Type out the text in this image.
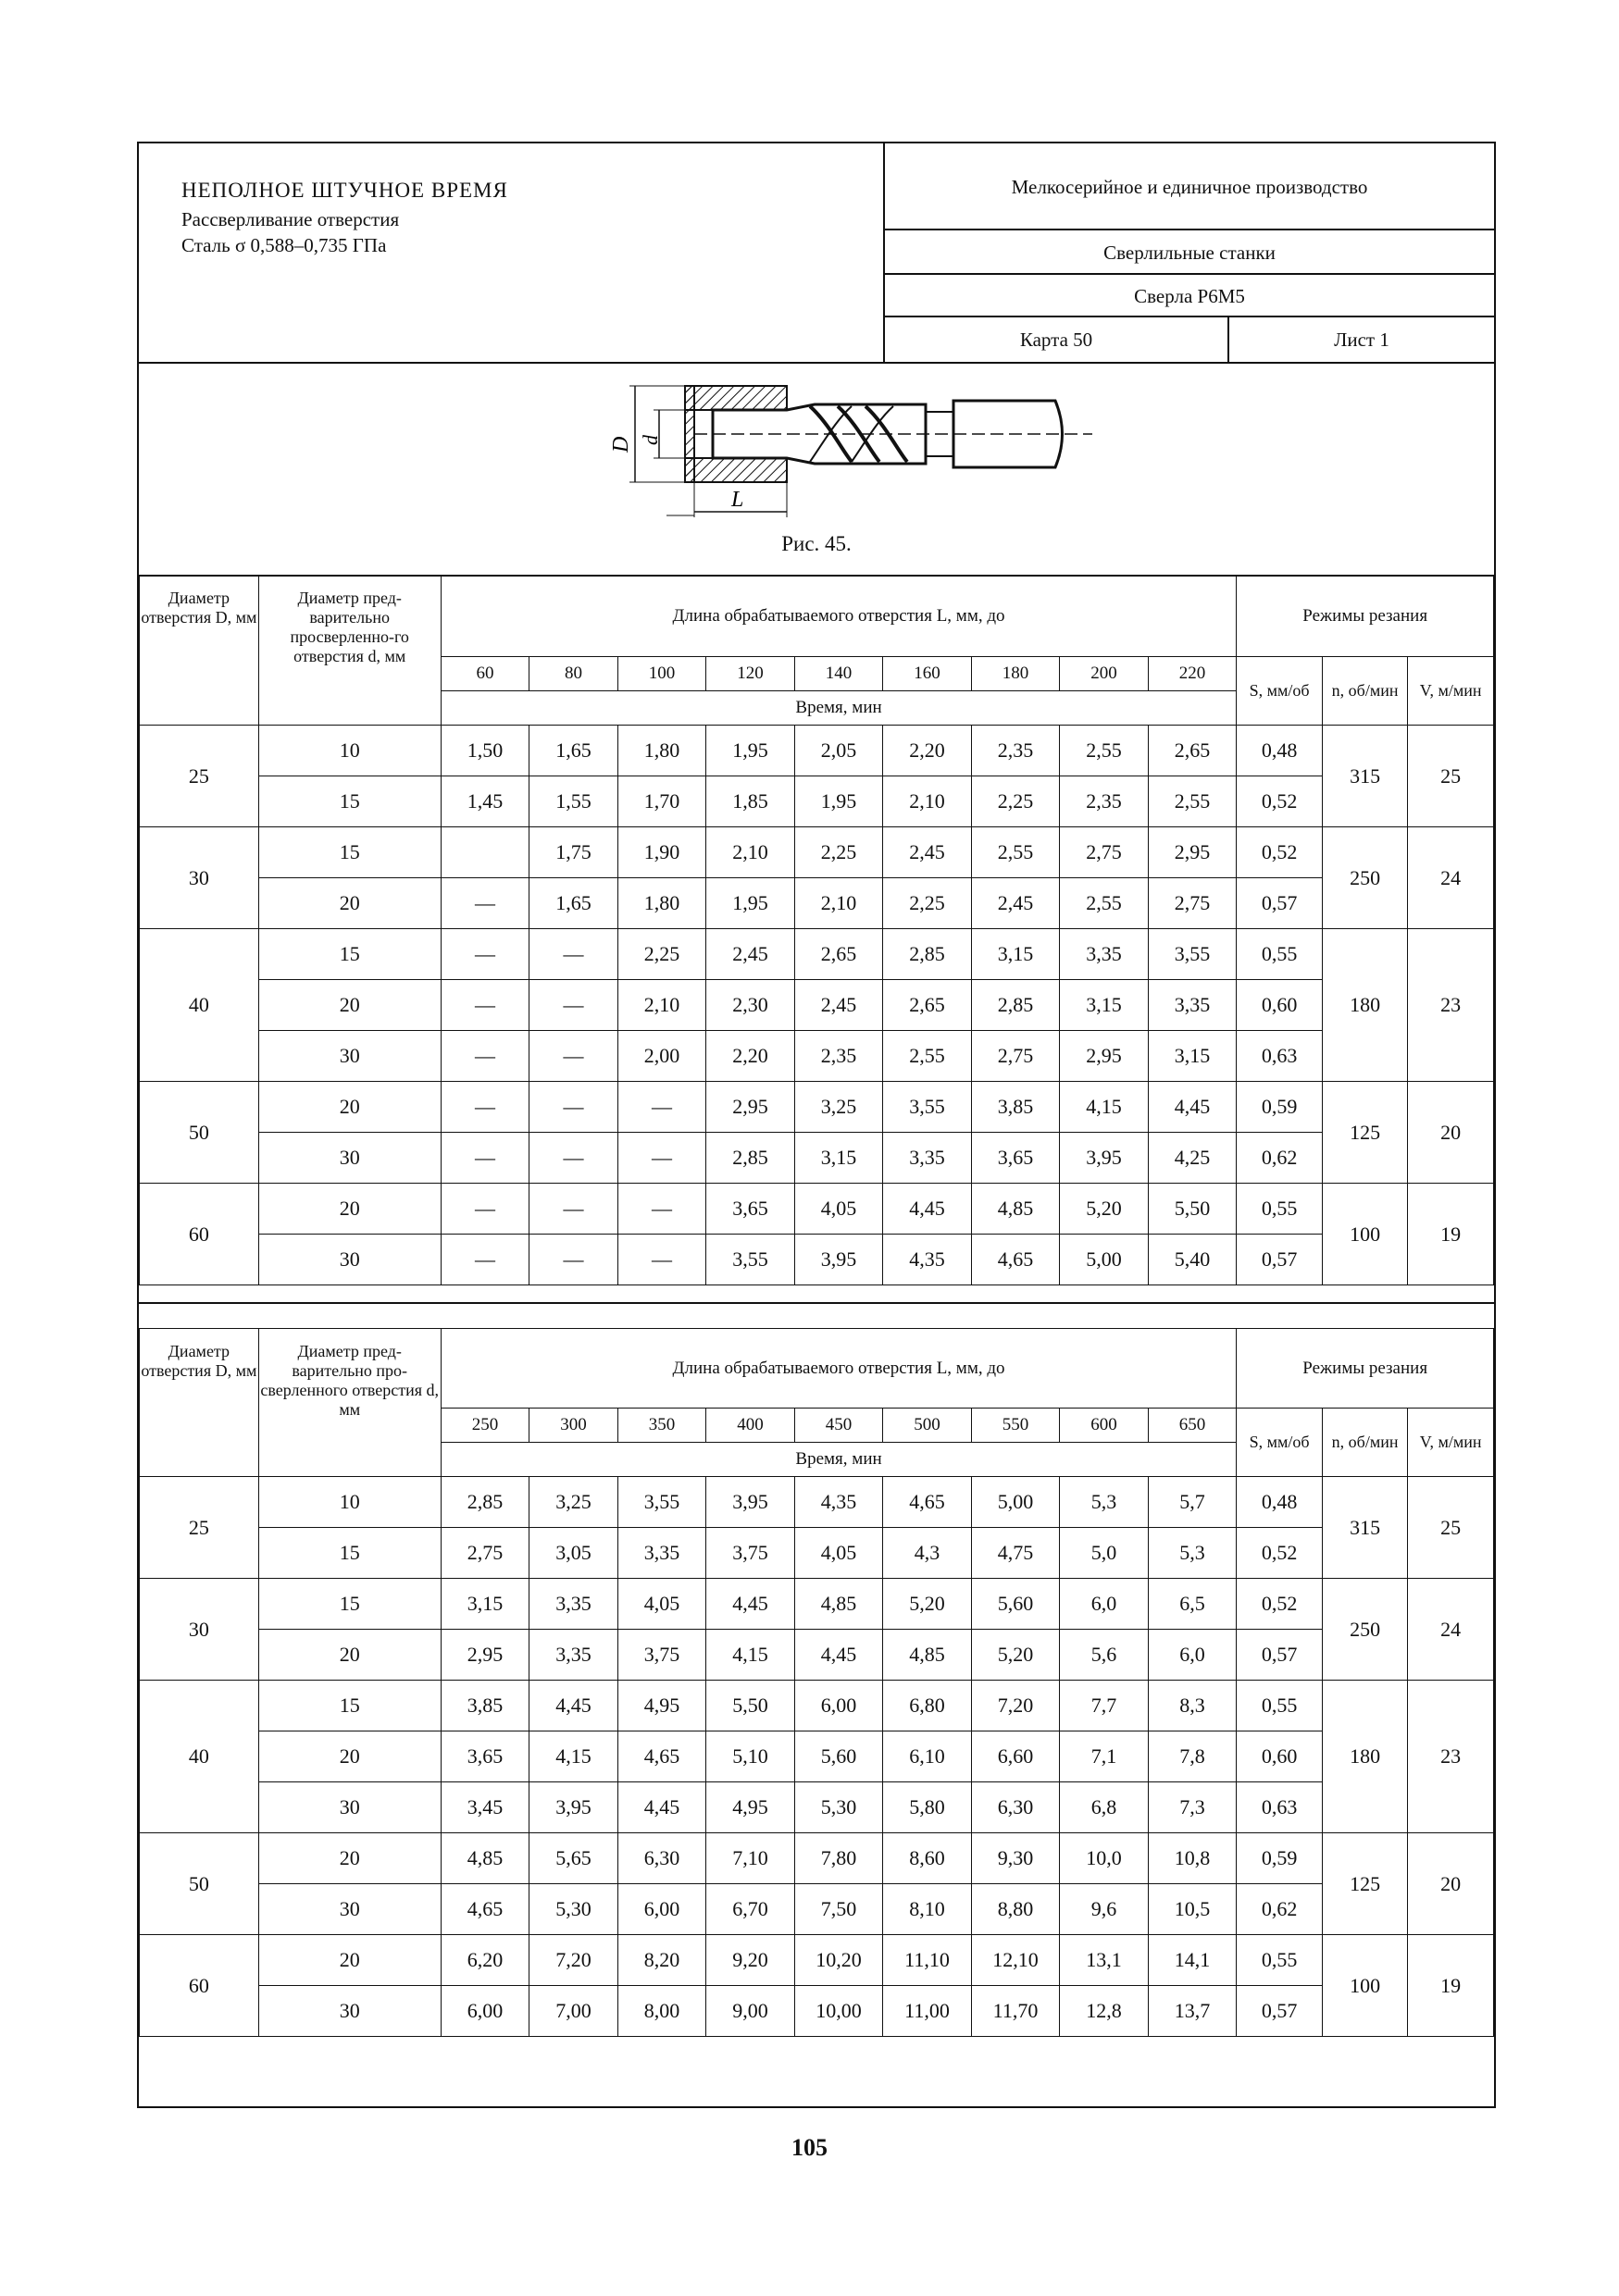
НЕПОЛНОЕ ШТУЧНОЕ ВРЕМЯ
Рассверливание отверстия
Сталь σ 0,588–0,735 ГПа
Мелкосерийное и единичное производство
Сверлильные станки
Сверла Р6М5
Карта 50	Лист 1
D d
L
Рис. 45.
Диаметр отверстия D, мм	Диаметр пред-варительно просверленно-го отверстия d, мм	Длина обрабатываемого отверстия L, мм, до									Режимы резания		
		60	80	100	120	140	160	180	200	220	S, мм/об	n, об/мин	V, м/мин
		Время, мин											
25	10	1,50	1,65	1,80	1,95	2,05	2,20	2,35	2,55	2,65	0,48	315	25
	15	1,45	1,55	1,70	1,85	1,95	2,10	2,25	2,35	2,55	0,52		
30	15		1,75	1,90	2,10	2,25	2,45	2,55	2,75	2,95	0,52	250	24
	20	—	1,65	1,80	1,95	2,10	2,25	2,45	2,55	2,75	0,57		
40	15	—	—	2,25	2,45	2,65	2,85	3,15	3,35	3,55	0,55	180	23
	20	—	—	2,10	2,30	2,45	2,65	2,85	3,15	3,35	0,60		
	30	—	—	2,00	2,20	2,35	2,55	2,75	2,95	3,15	0,63		
50	20	—	—	—	2,95	3,25	3,55	3,85	4,15	4,45	0,59	125	20
	30	—	—	—	2,85	3,15	3,35	3,65	3,95	4,25	0,62		
60	20	—	—	—	3,65	4,05	4,45	4,85	5,20	5,50	0,55	100	19
	30	—	—	—	3,55	3,95	4,35	4,65	5,00	5,40	0,57		
Диаметр отверстия D, мм	Диаметр пред-варительно про-сверленного отверстия d, мм	Длина обрабатываемого отверстия L, мм, до									Режимы резания		
		250	300	350	400	450	500	550	600	650	S, мм/об	n, об/мин	V, м/мин
		Время, мин											
25	10	2,85	3,25	3,55	3,95	4,35	4,65	5,00	5,3	5,7	0,48	315	25
	15	2,75	3,05	3,35	3,75	4,05	4,3	4,75	5,0	5,3	0,52		
30	15	3,15	3,35	4,05	4,45	4,85	5,20	5,60	6,0	6,5	0,52	250	24
	20	2,95	3,35	3,75	4,15	4,45	4,85	5,20	5,6	6,0	0,57		
40	15	3,85	4,45	4,95	5,50	6,00	6,80	7,20	7,7	8,3	0,55	180	23
	20	3,65	4,15	4,65	5,10	5,60	6,10	6,60	7,1	7,8	0,60		
	30	3,45	3,95	4,45	4,95	5,30	5,80	6,30	6,8	7,3	0,63		
50	20	4,85	5,65	6,30	7,10	7,80	8,60	9,30	10,0	10,8	0,59	125	20
	30	4,65	5,30	6,00	6,70	7,50	8,10	8,80	9,6	10,5	0,62		
60	20	6,20	7,20	8,20	9,20	10,20	11,10	12,10	13,1	14,1	0,55	100	19
	30	6,00	7,00	8,00	9,00	10,00	11,00	11,70	12,8	13,7	0,57		
105
